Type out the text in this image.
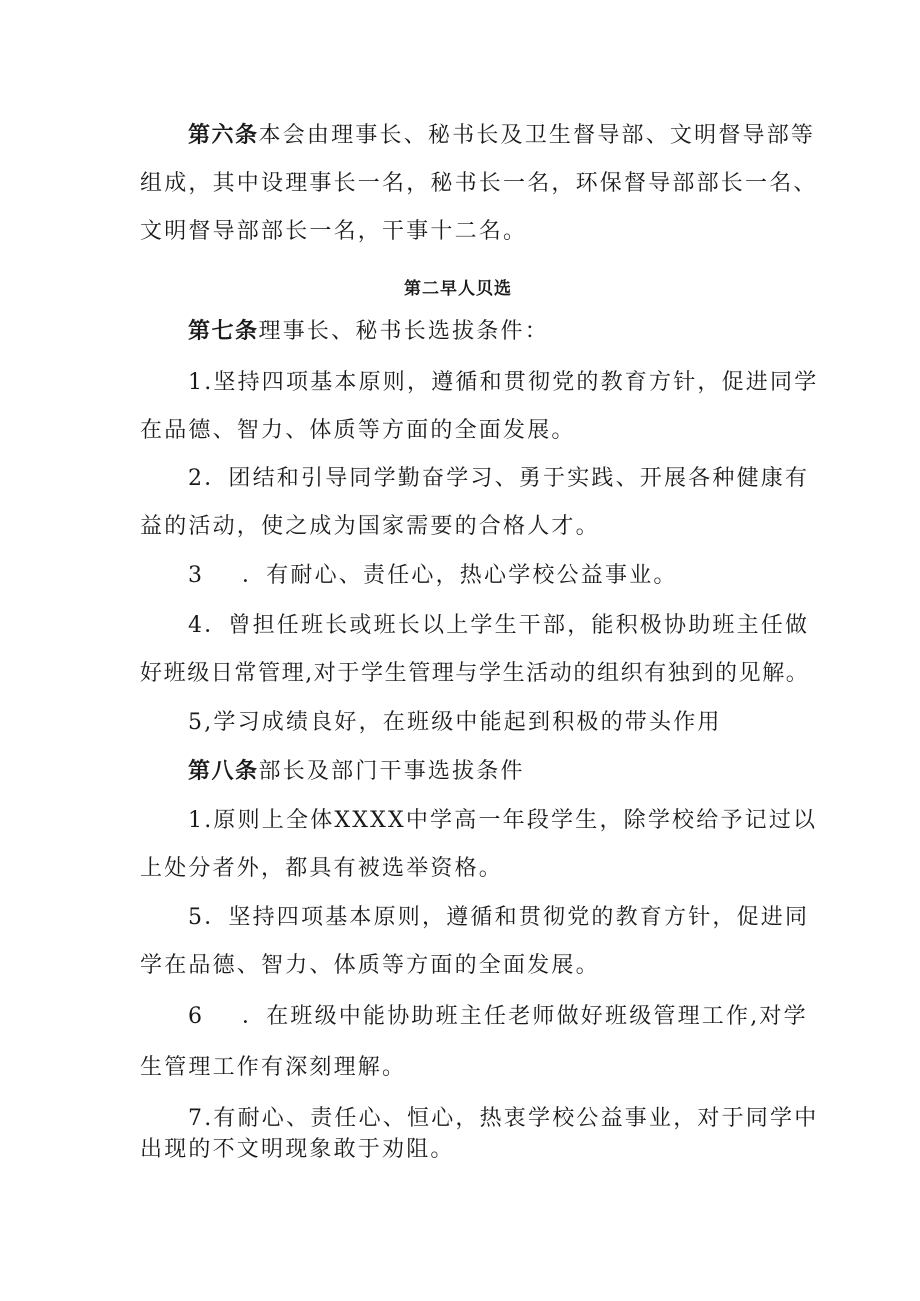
第六条本会由理事长、秘书长及卫生督导部、文明督导部等
组成，其中设理事长一名，秘书长一名，环保督导部部长一名、
文明督导部部长一名，干事十二名。
第二早人贝选
第七条理事长、秘书长选拔条件：
1.坚持四项基本原则，遵循和贯彻党的教育方针，促进同学
在品德、智力、体质等方面的全面发展。
2．团结和引导同学勤奋学习、勇于实践、开展各种健康有
益的活动，使之成为国家需要的合格人才。
3 ．有耐心、责任心，热心学校公益事业。
4．曾担任班长或班长以上学生干部，能积极协助班主任做
好班级日常管理,对于学生管理与学生活动的组织有独到的见解。
5,学习成绩良好，在班级中能起到积极的带头作用
第八条部长及部门干事选拔条件
1.原则上全体XXXX中学高一年段学生，除学校给予记过以
上处分者外，都具有被选举资格。
5．坚持四项基本原则，遵循和贯彻党的教育方针，促进同
学在品德、智力、体质等方面的全面发展。
6 ．在班级中能协助班主任老师做好班级管理工作,对学
生管理工作有深刻理解。
7.有耐心、责任心、恒心，热衷学校公益事业，对于同学中
出现的不文明现象敢于劝阻。
